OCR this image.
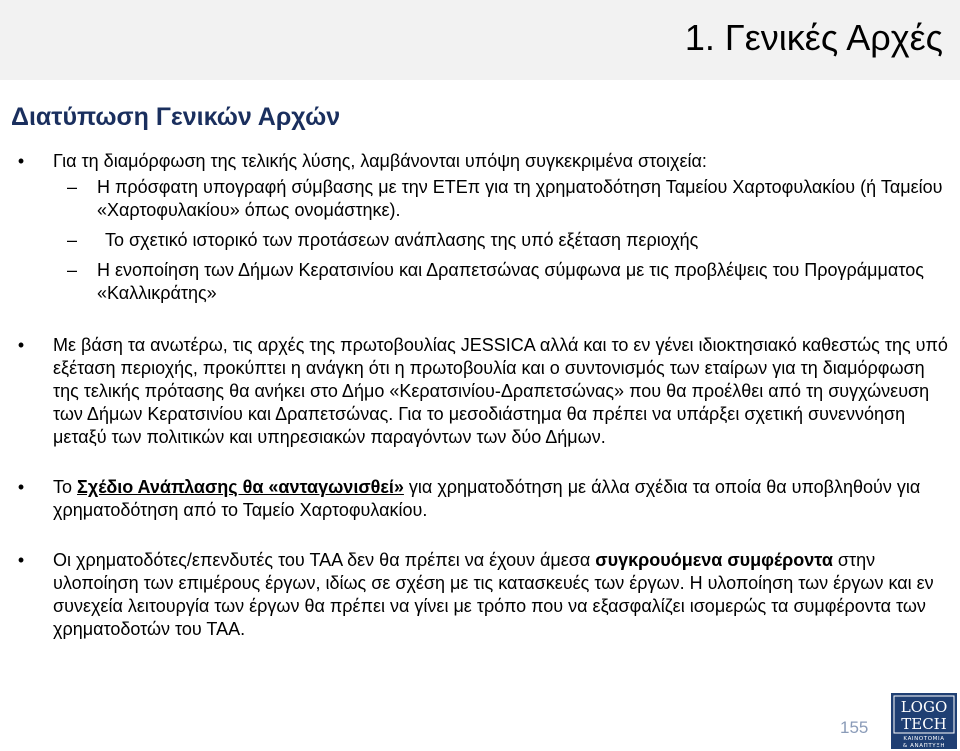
1. Γενικές Αρχές
Διατύπωση Γενικών Αρχών
•	Για τη διαμόρφωση της τελικής λύσης, λαμβάνονται υπόψη συγκεκριμένα στοιχεία:
–	Η πρόσφατη υπογραφή σύμβασης με την ΕΤΕπ για τη χρηματοδότηση Ταμείου Χαρτοφυλακίου (ή Ταμείου «Χαρτοφυλακίου» όπως ονομάστηκε).
–	Το σχετικό ιστορικό των προτάσεων ανάπλασης της υπό εξέταση περιοχής
–	Η ενοποίηση των Δήμων Κερατσινίου και Δραπετσώνας σύμφωνα με τις προβλέψεις του Προγράμματος «Καλλικράτης»
•	Με βάση τα ανωτέρω, τις αρχές της πρωτοβουλίας JESSICA αλλά και το εν γένει ιδιοκτησιακό καθεστώς της υπό εξέταση περιοχής, προκύπτει η ανάγκη ότι η πρωτοβουλία και ο συντονισμός των εταίρων για τη διαμόρφωση της τελικής πρότασης θα ανήκει στο Δήμο «Κερατσινίου-Δραπετσώνας» που θα προέλθει από τη συγχώνευση των Δήμων Κερατσινίου και Δραπετσώνας. Για το μεσοδιάστημα θα πρέπει να υπάρξει σχετική συνεννόηση μεταξύ των πολιτικών και υπηρεσιακών παραγόντων των δύο Δήμων.
•	Το Σχέδιο Ανάπλασης θα «ανταγωνισθεί» για χρηματοδότηση με άλλα σχέδια τα οποία θα υποβληθούν για χρηματοδότηση από το Ταμείο Χαρτοφυλακίου.
•	Οι χρηματοδότες/επενδυτές του ΤΑΑ δεν θα πρέπει να έχουν άμεσα συγκρουόμενα συμφέροντα στην υλοποίηση των επιμέρους έργων, ιδίως σε σχέση με τις κατασκευές των έργων. Η υλοποίηση των έργων και εν συνεχεία λειτουργία των έργων θα πρέπει να γίνει με τρόπο που να εξασφαλίζει ισομερώς τα συμφέροντα των χρηματοδοτών του ΤΑΑ.
155
LOGO
TECH
ΚΑΙΝΟΤΟΜΙΑ
& ΑΝΑΠΤΥΞΗ
